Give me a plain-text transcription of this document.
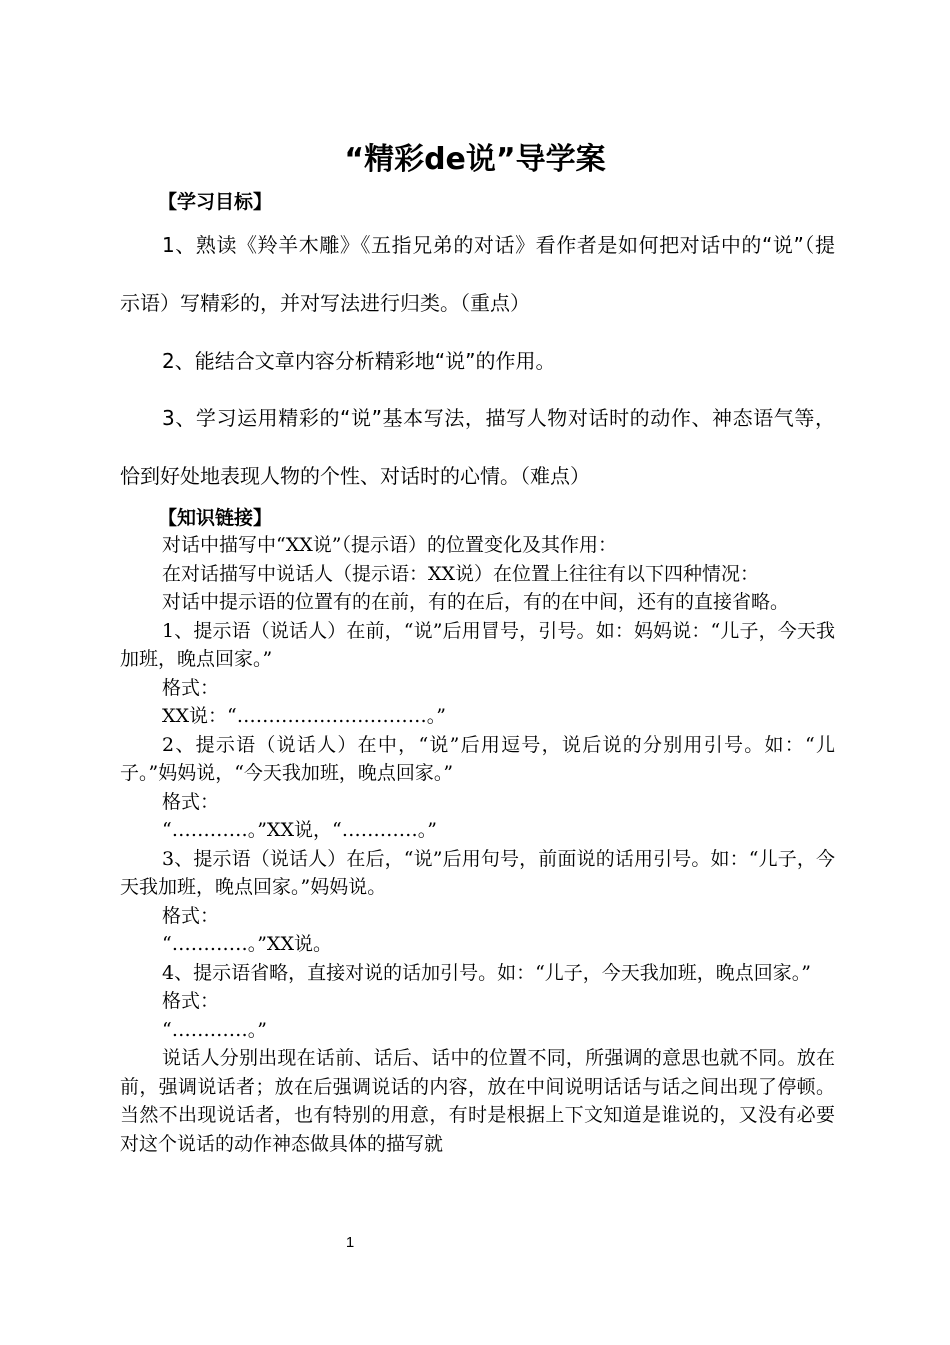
“精彩de说”导学案
【学习目标】
1、熟读《羚羊木雕》《五指兄弟的对话》看作者是如何把对话中的“说”（提示语）写精彩的，并对写法进行归类。（重点）
2、能结合文章内容分析精彩地“说”的作用。
3、学习运用精彩的“说”基本写法，描写人物对话时的动作、神态语气等，恰到好处地表现人物的个性、对话时的心情。（难点）
【知识链接】

对话中描写中“XX说”（提示语）的位置变化及其作用：

在对话描写中说话人（提示语：XX说）在位置上往往有以下四种情况：

对话中提示语的位置有的在前，有的在后，有的在中间，还有的直接省略。

1、提示语（说话人）在前，“说”后用冒号，引号。如：妈妈说：“儿子，今天我加班，晚点回家。”

格式：

XX说：“…………………………。”

2、提示语（说话人）在中，“说”后用逗号，说后说的分别用引号。如：“儿子。”妈妈说，“今天我加班，晚点回家。”

格式：

“…………。”XX说，“…………。”

3、提示语（说话人）在后，“说”后用句号，前面说的话用引号。如：“儿子，今天我加班，晚点回家。”妈妈说。

格式：

“…………。”XX说。

4、提示语省略，直接对说的话加引号。如：“儿子，今天我加班，晚点回家。”

格式：

“…………。”

说话人分别出现在话前、话后、话中的位置不同，所强调的意思也就不同。放在前，强调说话者；放在后强调说话的内容，放在中间说明话话与话之间出现了停顿。当然不出现说话者，也有特别的用意，有时是根据上下文知道是谁说的，又没有必要对这个说话的动作神态做具体的描写就

1
